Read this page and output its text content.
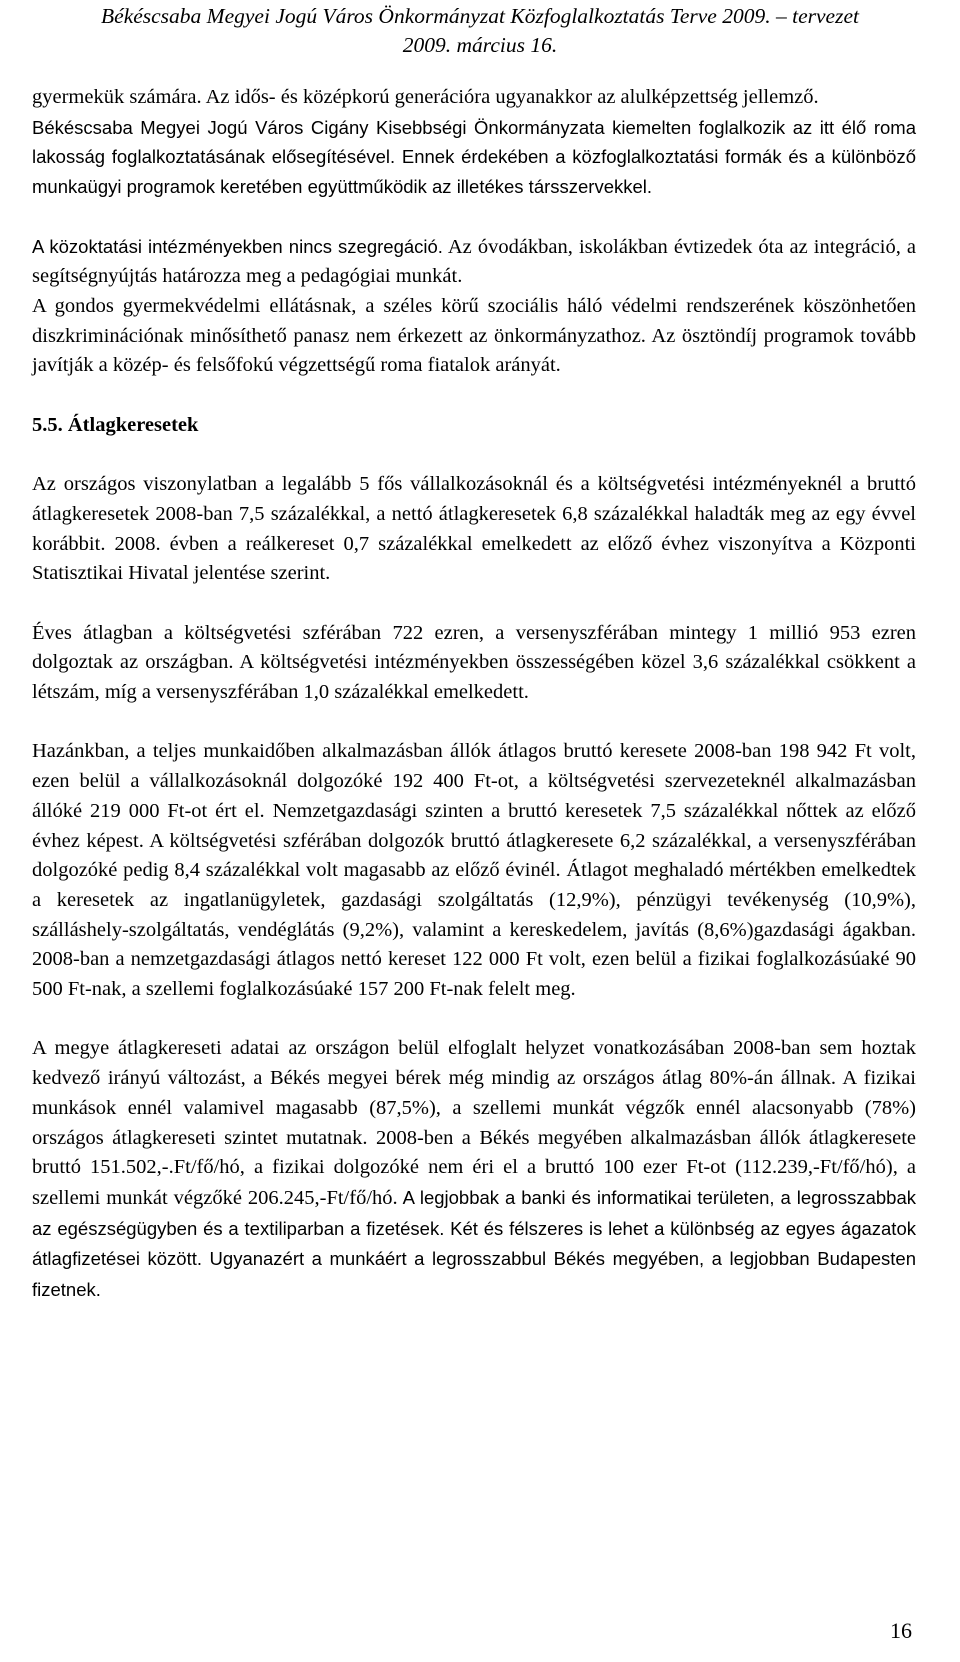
Békéscsaba Megyei Jogú Város Önkormányzat Közfoglalkoztatás Terve 2009. – tervezet
2009. március 16.

gyermekük számára. Az idős- és középkorú generációra ugyanakkor az alulképzettség jellemző.

Békéscsaba Megyei Jogú Város Cigány Kisebbségi Önkormányzata kiemelten foglalkozik az itt élő roma lakosság foglalkoztatásának elősegítésével. Ennek érdekében a közfoglalkoztatási formák és a különböző munkaügyi programok keretében együttműködik az illetékes társszervekkel.

A közoktatási intézményekben nincs szegregáció. Az óvodákban, iskolákban évtizedek óta az integráció, a segítségnyújtás határozza meg a pedagógiai munkát.

A gondos gyermekvédelmi ellátásnak, a széles körű szociális háló védelmi rendszerének köszönhetően diszkriminációnak minősíthető panasz nem érkezett az önkormányzathoz. Az ösztöndíj programok tovább javítják a közép- és felsőfokú végzettségű roma fiatalok arányát.

5.5. Átlagkeresetek

Az országos viszonylatban a legalább 5 fős vállalkozásoknál és a költségvetési intézményeknél a bruttó átlagkeresetek 2008-ban 7,5 százalékkal, a nettó átlagkeresetek 6,8 százalékkal haladták meg az egy évvel korábbit. 2008. évben a reálkereset 0,7 százalékkal emelkedett az előző évhez viszonyítva a Központi Statisztikai Hivatal jelentése szerint.

Éves átlagban a költségvetési szférában 722 ezren, a versenyszférában mintegy 1 millió 953 ezren dolgoztak az országban. A költségvetési intézményekben összességében közel 3,6 százalékkal csökkent a létszám, míg a versenyszférában 1,0 százalékkal emelkedett.

Hazánkban, a teljes munkaidőben alkalmazásban állók átlagos bruttó keresete 2008-ban 198 942 Ft volt, ezen belül a vállalkozásoknál dolgozóké 192 400 Ft-ot, a költségvetési szervezeteknél alkalmazásban állóké 219 000 Ft-ot ért el. Nemzetgazdasági szinten a bruttó keresetek 7,5 százalékkal nőttek az előző évhez képest. A költségvetési szférában dolgozók bruttó átlagkeresete 6,2 százalékkal, a versenyszférában dolgozóké pedig 8,4 százalékkal volt magasabb az előző évinél. Átlagot meghaladó mértékben emelkedtek a keresetek az ingatlanügyletek, gazdasági szolgáltatás (12,9%), pénzügyi tevékenység (10,9%), szálláshely-szolgáltatás, vendéglátás (9,2%), valamint a kereskedelem, javítás (8,6%)gazdasági ágakban. 2008-ban a nemzetgazdasági átlagos nettó kereset 122 000 Ft volt, ezen belül a fizikai foglalkozásúaké 90 500 Ft-nak, a szellemi foglalkozásúaké 157 200 Ft-nak felelt meg.

A megye átlagkereseti adatai az országon belül elfoglalt helyzet vonatkozásában 2008-ban sem hoztak kedvező irányú változást, a Békés megyei bérek még mindig az országos átlag 80%-án állnak. A fizikai munkások ennél valamivel magasabb (87,5%), a szellemi munkát végzők ennél alacsonyabb (78%) országos átlagkereseti szintet mutatnak. 2008-ben a Békés megyében alkalmazásban állók átlagkeresete bruttó 151.502,-.Ft/fő/hó, a fizikai dolgozóké nem éri el a bruttó 100 ezer Ft-ot (112.239,-Ft/fő/hó), a szellemi munkát végzőké 206.245,-Ft/fő/hó. A legjobbak a banki és informatikai területen, a legrosszabbak az egészségügyben és a textiliparban a fizetések. Két és félszeres is lehet a különbség az egyes ágazatok átlagfizetései között. Ugyanazért a munkáért a legrosszabbul Békés megyében, a legjobban Budapesten fizetnek.

16
